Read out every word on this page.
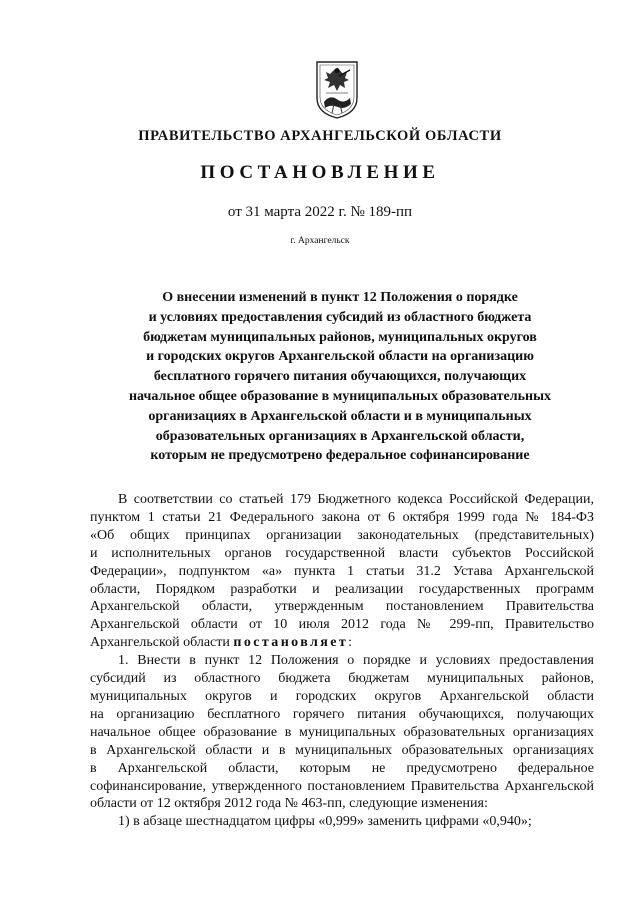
ПРАВИТЕЛЬСТВО АРХАНГЕЛЬСКОЙ ОБЛАСТИ
ПОСТАНОВЛЕНИЕ
от 31 марта 2022 г. № 189-пп
г. Архангельск
О внесении изменений в пункт 12 Положения о порядке
и условиях предоставления субсидий из областного бюджета
бюджетам муниципальных районов, муниципальных округов
и городских округов Архангельской области на организацию
бесплатного горячего питания обучающихся, получающих
начальное общее образование в муниципальных образовательных
организациях в Архангельской области и в муниципальных
образовательных организациях в Архангельской области,
которым не предусмотрено федеральное софинансирование
В соответствии со статьей 179 Бюджетного кодекса Российской Федерации,
пунктом 1 статьи 21 Федерального закона от 6 октября 1999 года № 184-ФЗ
«Об общих принципах организации законодательных (представительных)
и исполнительных органов государственной власти субъектов Российской
Федерации», подпунктом «а» пункта 1 статьи 31.2 Устава Архангельской
области, Порядком разработки и реализации государственных программ
Архангельской области, утвержденным постановлением Правительства
Архангельской области от 10 июля 2012 года № 299-пп, Правительство
Архангельской области постановляет:
1. Внести в пункт 12 Положения о порядке и условиях предоставления
субсидий из областного бюджета бюджетам муниципальных районов,
муниципальных округов и городских округов Архангельской области
на организацию бесплатного горячего питания обучающихся, получающих
начальное общее образование в муниципальных образовательных организациях
в Архангельской области и в муниципальных образовательных организациях
в Архангельской области, которым не предусмотрено федеральное
софинансирование, утвержденного постановлением Правительства Архангельской
области от 12 октября 2012 года № 463-пп, следующие изменения:
1) в абзаце шестнадцатом цифры «0,999» заменить цифрами «0,940»;
